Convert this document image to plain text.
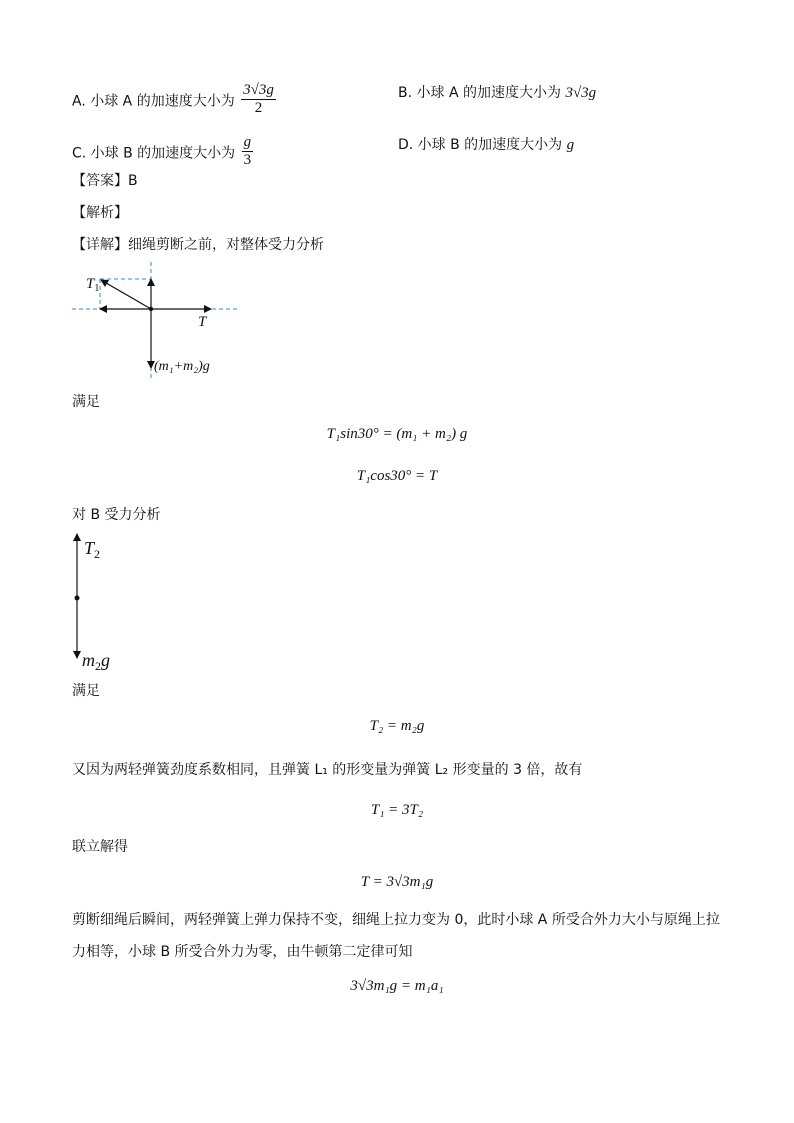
A. 小球 A 的加速度大小为 $\frac{3√3g}{2}$	B. 小球 A 的加速度大小为 3√3g
C. 小球 B 的加速度大小为 $\frac{g}{3}$	D. 小球 B 的加速度大小为 g
【答案】B
【解析】
【详解】细绳剪断之前，对整体受力分析
$T_1$
T
(m₁+m₂)g
满足
T₁sin30° = (m₁ + m₂) g
T₁cos30° = T
对 B 受力分析
$T_2$
$m_2g$
满足
T₂ = m₂g
又因为两轻弹簧劲度系数相同，且弹簧 L₁ 的形变量为弹簧 L₂ 形变量的 3 倍，故有
T₁ = 3T₂
联立解得
T = 3√3m₁g
剪断细绳后瞬间，两轻弹簧上弹力保持不变，细绳上拉力变为 0，此时小球 A 所受合外力大小与原绳上拉
力相等，小球 B 所受合外力为零，由牛顿第二定律可知
3√3m₁g = m₁a₁
